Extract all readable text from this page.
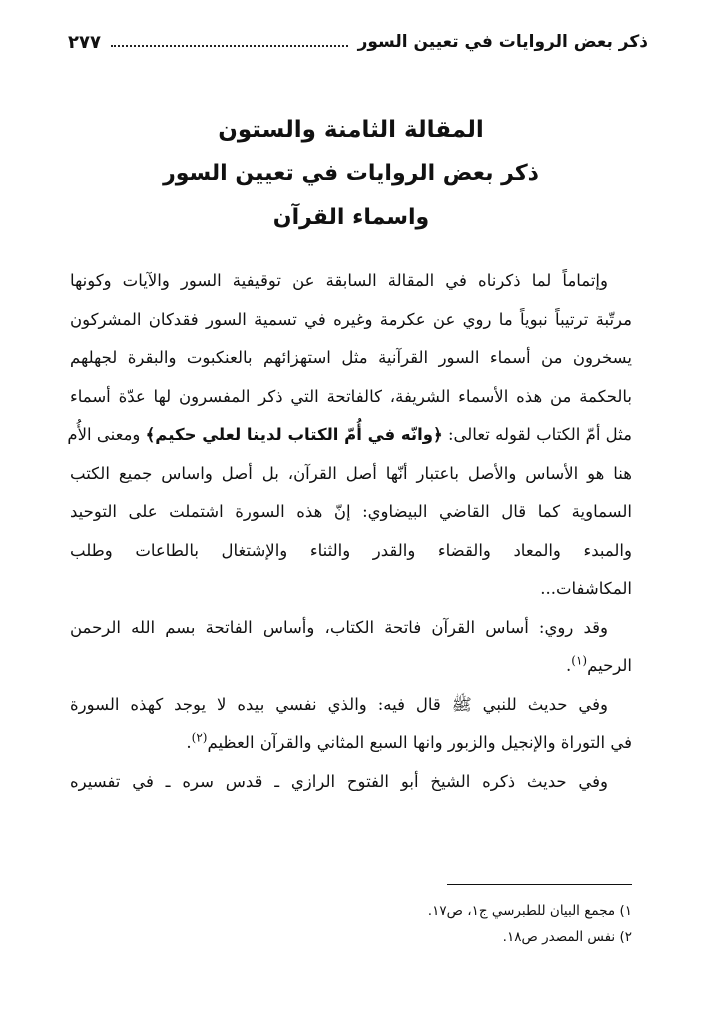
ذكر بعض الروايات في تعيين السور
٢٧٧
المقالة الثامنة والستون
ذكر بعض الروايات في تعيين السور
واسماء القرآن
وإتماماً لما ذكرناه في المقالة السابقة عن توقيفية السور والآيات وكونها
مرتّبة ترتيباً نبوياً ما روي عن عكرمة وغيره في تسمية السور فقدكان المشركون
يسخرون من أسماء السور القرآنية مثل استهزائهم بالعنكبوت والبقرة لجهلهم
بالحكمة من هذه الأسماء الشريفة، كالفاتحة التي ذكر المفسرون لها عدّة أسماء
مثل أمّ الكتاب لقوله تعالى: ﴿وانّه في أُمّ الكتاب لدينا لعلي حكيم﴾ ومعنى الأُم
هنا هو الأساس والأصل باعتبار أنّها أصل القرآن، بل أصل واساس جميع الكتب
السماوية كما قال القاضي البيضاوي: إنّ هذه السورة اشتملت على التوحيد
والمبدء والمعاد والقضاء والقدر والثناء والإشتغال بالطاعات وطلب
المكاشفات...
وقد روي: أساس القرآن فاتحة الكتاب، وأساس الفاتحة بسم الله الرحمن
الرحيم$^{(١)}$.
وفي حديث للنبي ﷺ قال فيه: والذي نفسي بيده لا يوجد كهذه السورة
في التوراة والإنجيل والزبور وانها السبع المثاني والقرآن العظيم$^{(٢)}$.
وفي حديث ذكره الشيخ أبو الفتوح الرازي ـ قدس سره ـ في تفسيره
١) مجمع البيان للطبرسي ج١، ص١٧.
٢) نفس المصدر ص١٨.
